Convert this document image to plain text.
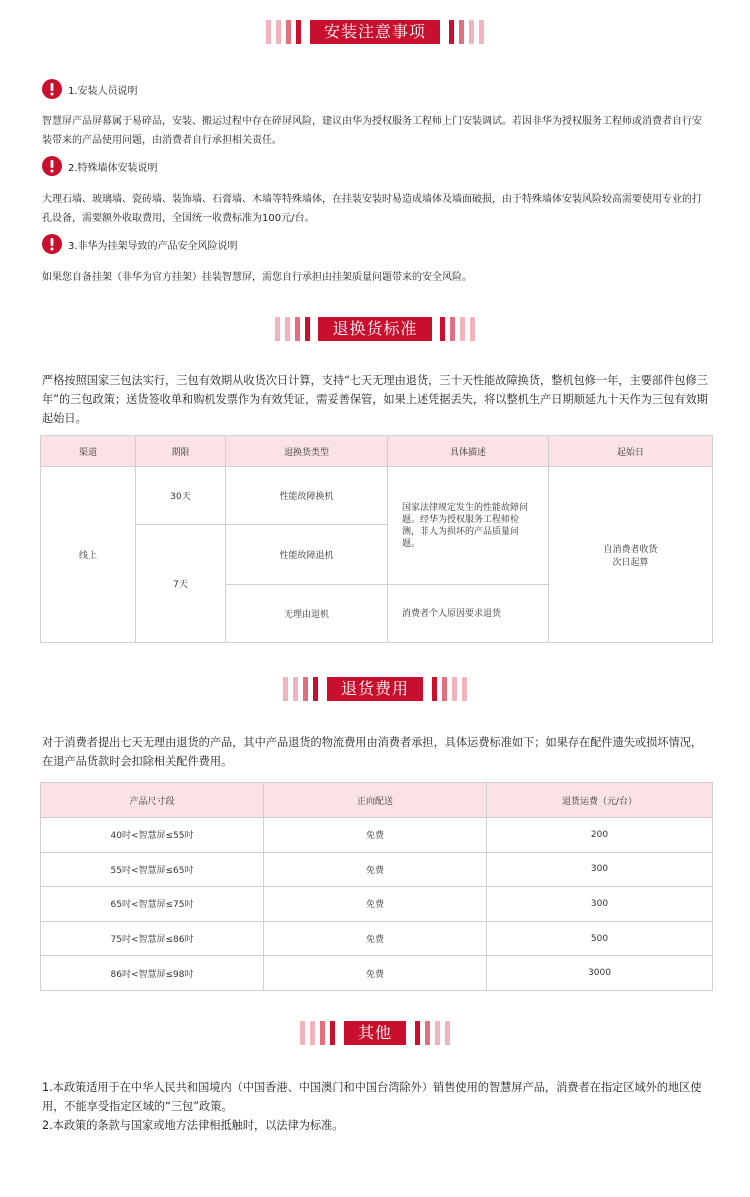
安装注意事项
1.安装人员说明

智慧屏产品屏幕属于易碎品，安装、搬运过程中存在碎屏风险，建议由华为授权服务工程师上门安装调试。若因非华为授权服务工程师或消费者自行安装带来的产品使用问题，由消费者自行承担相关责任。

2.特殊墙体安装说明

大理石墙、玻璃墙、瓷砖墙、装饰墙、石膏墙、木墙等特殊墙体，在挂装安装时易造成墙体及墙面破损，由于特殊墙体安装风险较高需要使用专业的打孔设备，需要额外收取费用，全国统一收费标准为100元/台。

3.非华为挂架导致的产品安全风险说明

如果您自备挂架（非华为官方挂架）挂装智慧屏，需您自行承担由挂架质量问题带来的安全风险。

退换货标准

严格按照国家三包法实行，三包有效期从收货次日计算，支持“七天无理由退货，三十天性能故障换货，整机包修一年，主要部件包修三年”的三包政策；送货签收单和购机发票作为有效凭证，需妥善保管，如果上述凭据丢失，将以整机生产日期顺延九十天作为三包有效期起始日。

渠道	期限	退换货类型	具体描述	起始日
线上	30天	性能故障换机	国家法律规定发生的性能故障问题。经华为授权服务工程师检测，非人为损坏的产品质量问题。	自消费者收货
次日起算

	7天	性能故障退机		
		无理由退机	消费者个人原因要求退货	
退货费用

对于消费者提出七天无理由退货的产品，其中产品退货的物流费用由消费者承担，具体运费标准如下；如果存在配件遗失或损坏情况，在退产品货款时会扣除相关配件费用。

产品尺寸段	正向配送	退货运费（元/台）
40吋<智慧屏≤55吋	免费	200
55吋<智慧屏≤65吋	免费	300
65吋<智慧屏≤75吋	免费	300
75吋<智慧屏≤86吋	免费	500
86吋<智慧屏≤98吋	免费	3000
其他

1.本政策适用于在中华人民共和国境内（中国香港、中国澳门和中国台湾除外）销售使用的智慧屏产品，消费者在指定区域外的地区使用，不能享受指定区域的“三包”政策。

2.本政策的条款与国家或地方法律相抵触时，以法律为标准。
